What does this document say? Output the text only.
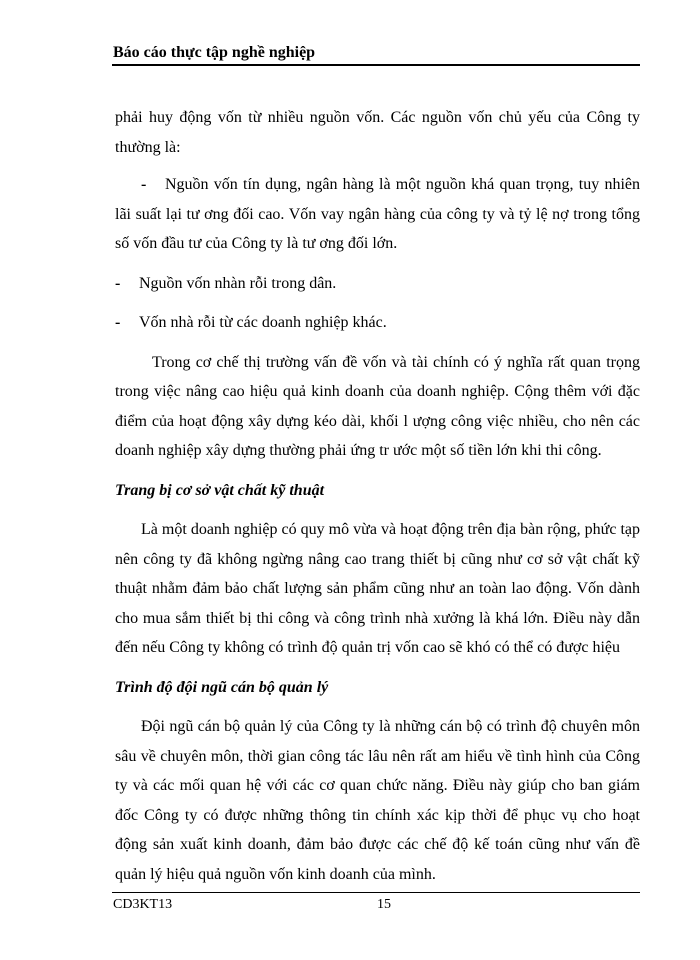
Báo cáo thực tập nghề nghiệp

phải huy động vốn từ nhiều nguồn vốn. Các nguồn vốn chủ yếu của Công ty thường là:

- Nguồn vốn tín dụng, ngân hàng là một nguồn khá quan trọng, tuy nhiên lãi suất lại tư ơng đối cao. Vốn vay ngân hàng của công ty và tỷ lệ nợ trong tổng số vốn đầu tư của Công ty là tư ơng đối lớn.

- Nguồn vốn nhàn rỗi trong dân.

- Vốn nhà rỗi từ các doanh nghiệp khác.

Trong cơ chế thị trường vấn đề vốn và tài chính có ý nghĩa rất quan trọng trong việc nâng cao hiệu quả kinh doanh của doanh nghiệp. Cộng thêm với đặc điểm của hoạt động xây dựng kéo dài, khối l ượng công việc nhiều, cho nên các doanh nghiệp xây dựng thường phải ứng tr ước một số tiền lớn khi thi công.

Trang bị cơ sở vật chất kỹ thuật

Là một doanh nghiệp có quy mô vừa và hoạt động trên địa bàn rộng, phức tạp nên công ty đã không ngừng nâng cao trang thiết bị cũng như cơ sở vật chất kỹ thuật nhằm đảm bảo chất lượng sản phẩm cũng như an toàn lao động. Vốn dành cho mua sắm thiết bị thi công và công trình nhà xưởng là khá lớn. Điều này dẫn đến nếu Công ty không có trình độ quản trị vốn cao sẽ khó có thể có được hiệu

Trình độ đội ngũ cán bộ quản lý

Đội ngũ cán bộ quản lý của Công ty là những cán bộ có trình độ chuyên môn sâu về chuyên môn, thời gian công tác lâu nên rất am hiểu về tình hình của Công ty và các mối quan hệ với các cơ quan chức năng. Điều này giúp cho ban giám đốc Công ty có được những thông tin chính xác kịp thời để phục vụ cho hoạt động sản xuất kinh doanh, đảm bảo được các chế độ kế toán cũng như vấn đề quản lý hiệu quả nguồn vốn kinh doanh của mình.

CD3KT13	15
